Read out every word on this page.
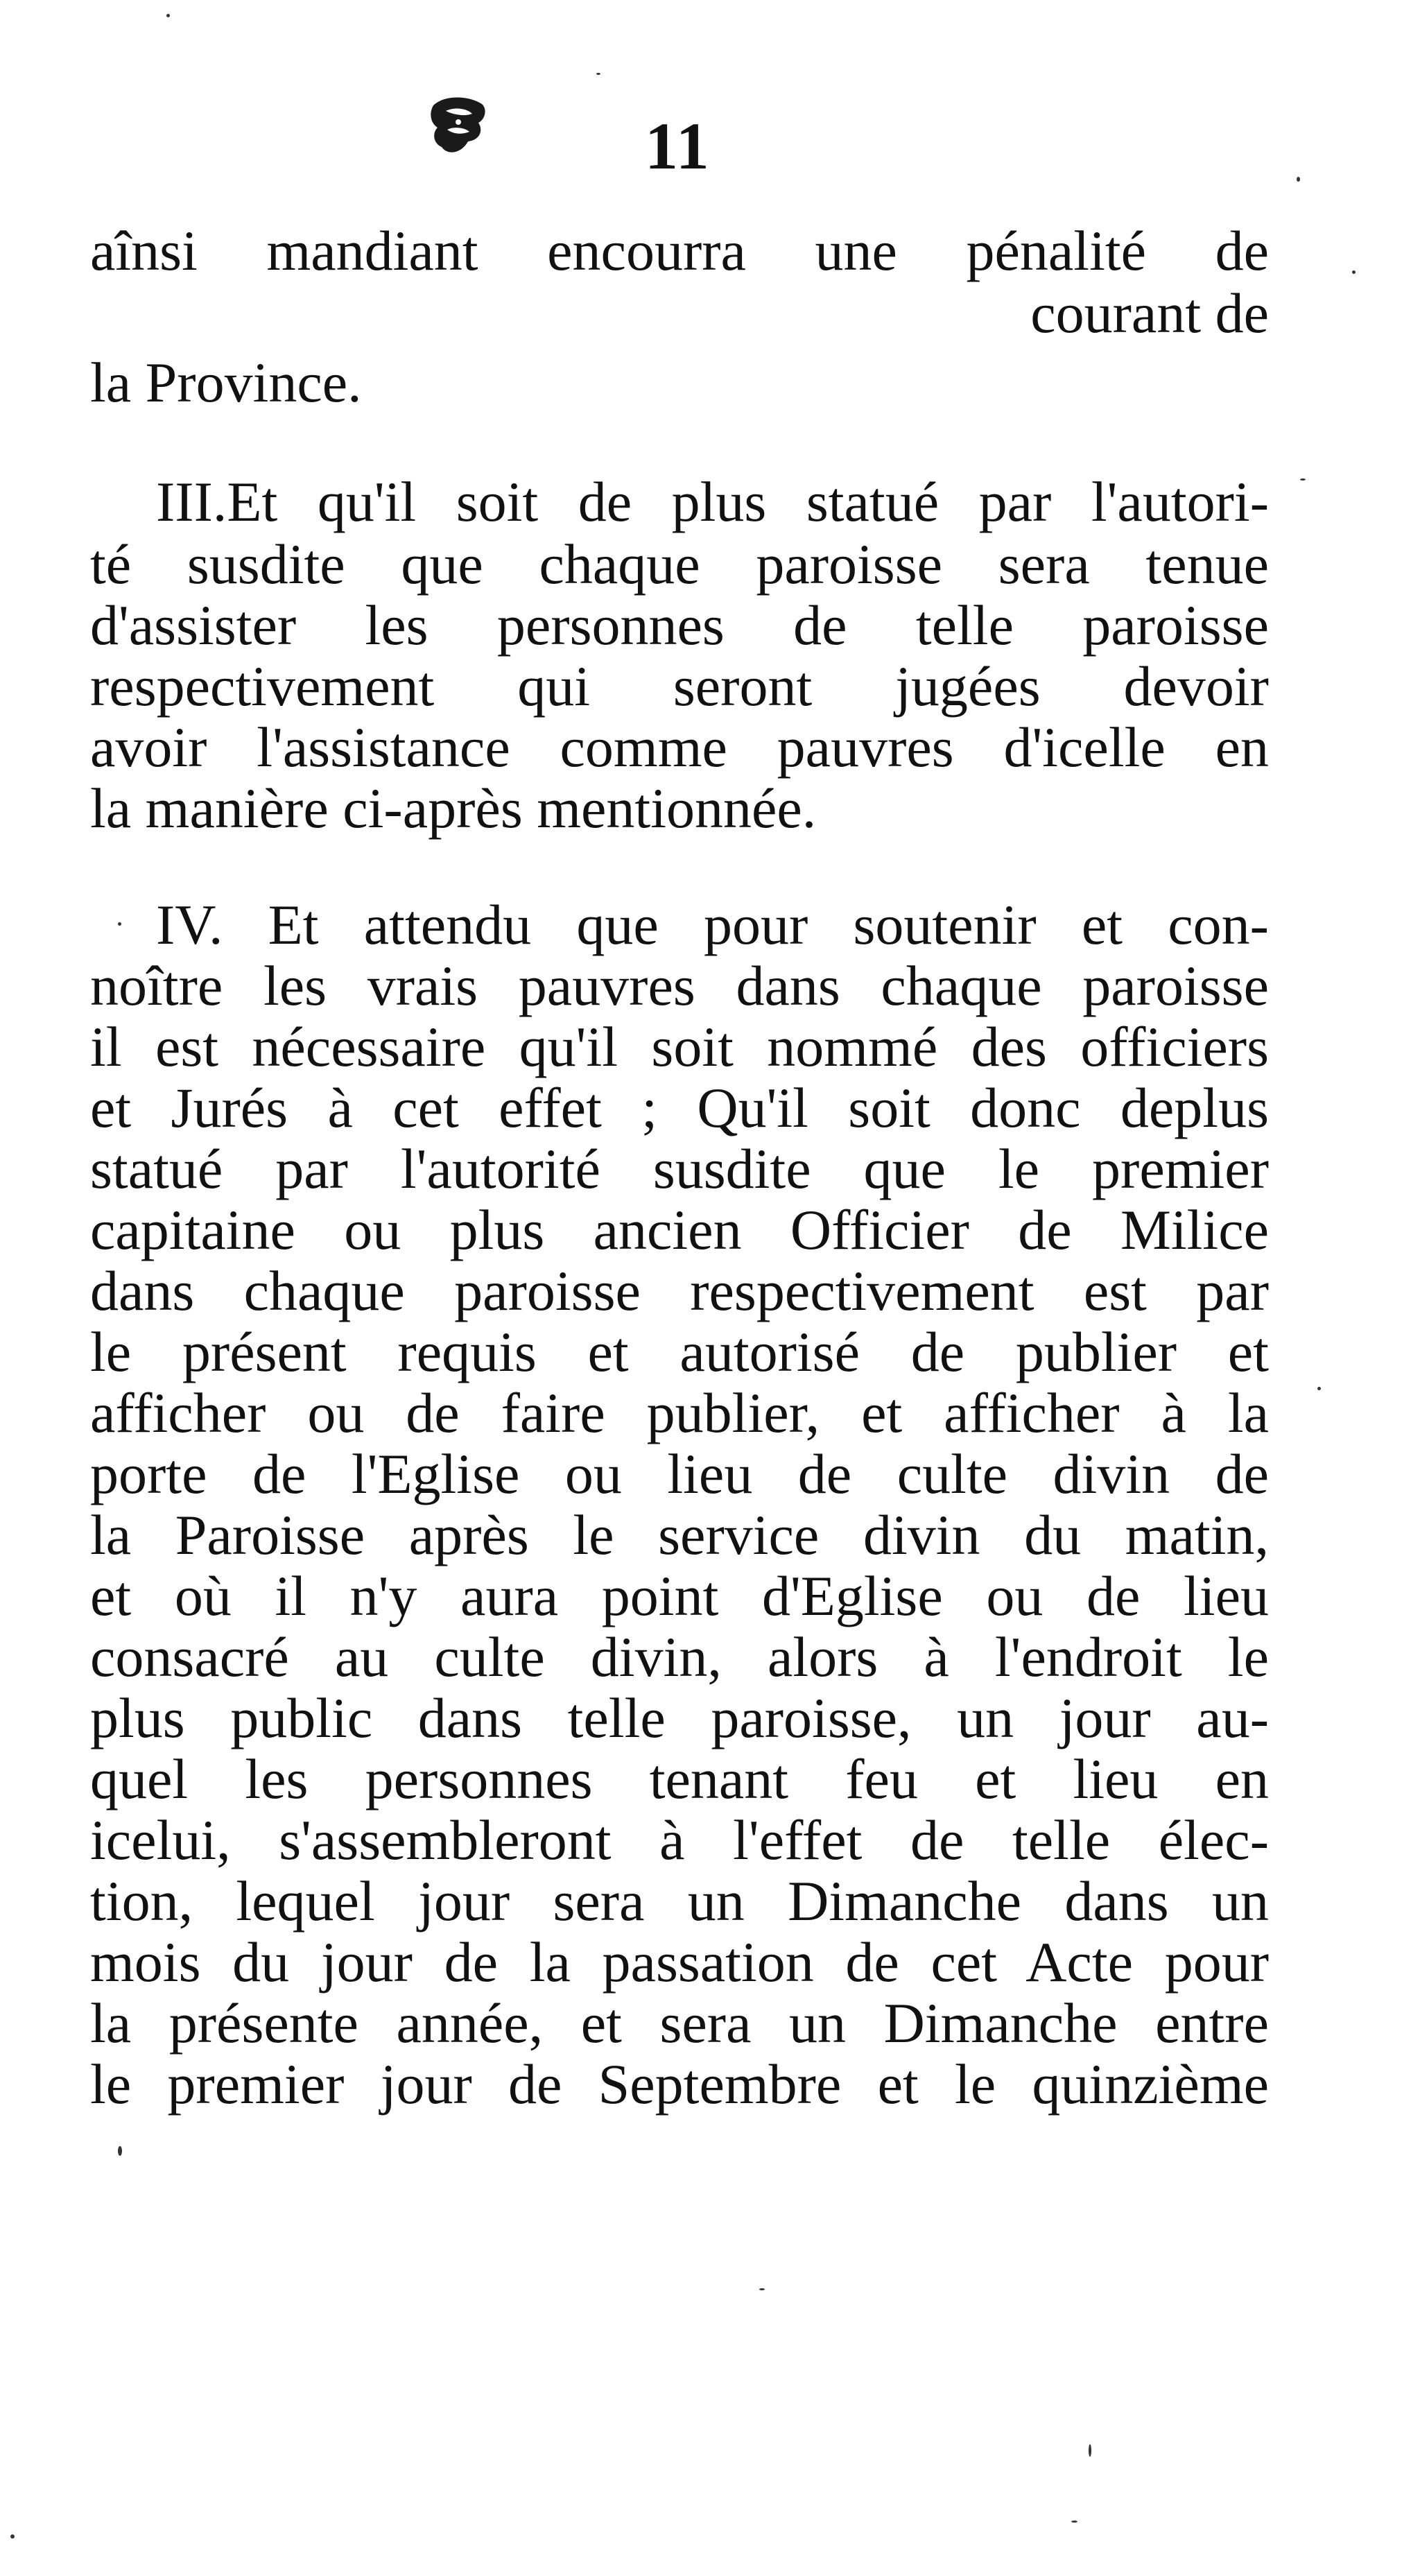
11
aînsi mandiant encourra une pénalité de
courant de
la Province.
III.Et qu'il soit de plus statué par l'autori-
té susdite que chaque paroisse sera tenue
d'assister les personnes de telle paroisse
respectivement qui seront jugées devoir
avoir l'assistance comme pauvres d'icelle en
la manière ci-après mentionnée.
IV. Et attendu que pour soutenir et con-
noître les vrais pauvres dans chaque paroisse
il est nécessaire qu'il soit nommé des officiers
et Jurés à cet effet ; Qu'il soit donc deplus
statué par l'autorité susdite que le premier
capitaine ou plus ancien Officier de Milice
dans chaque paroisse respectivement est par
le présent requis et autorisé de publier et
afficher ou de faire publier, et afficher à la
porte de l'Eglise ou lieu de culte divin de
la Paroisse après le service divin du matin,
et où il n'y aura point d'Eglise ou de lieu
consacré au culte divin, alors à l'endroit le
plus public dans telle paroisse, un jour au-
quel les personnes tenant feu et lieu en
icelui, s'assembleront à l'effet de telle élec-
tion, lequel jour sera un Dimanche dans un
mois du jour de la passation de cet Acte pour
la présente année, et sera un Dimanche entre
le premier jour de Septembre et le quinzième
